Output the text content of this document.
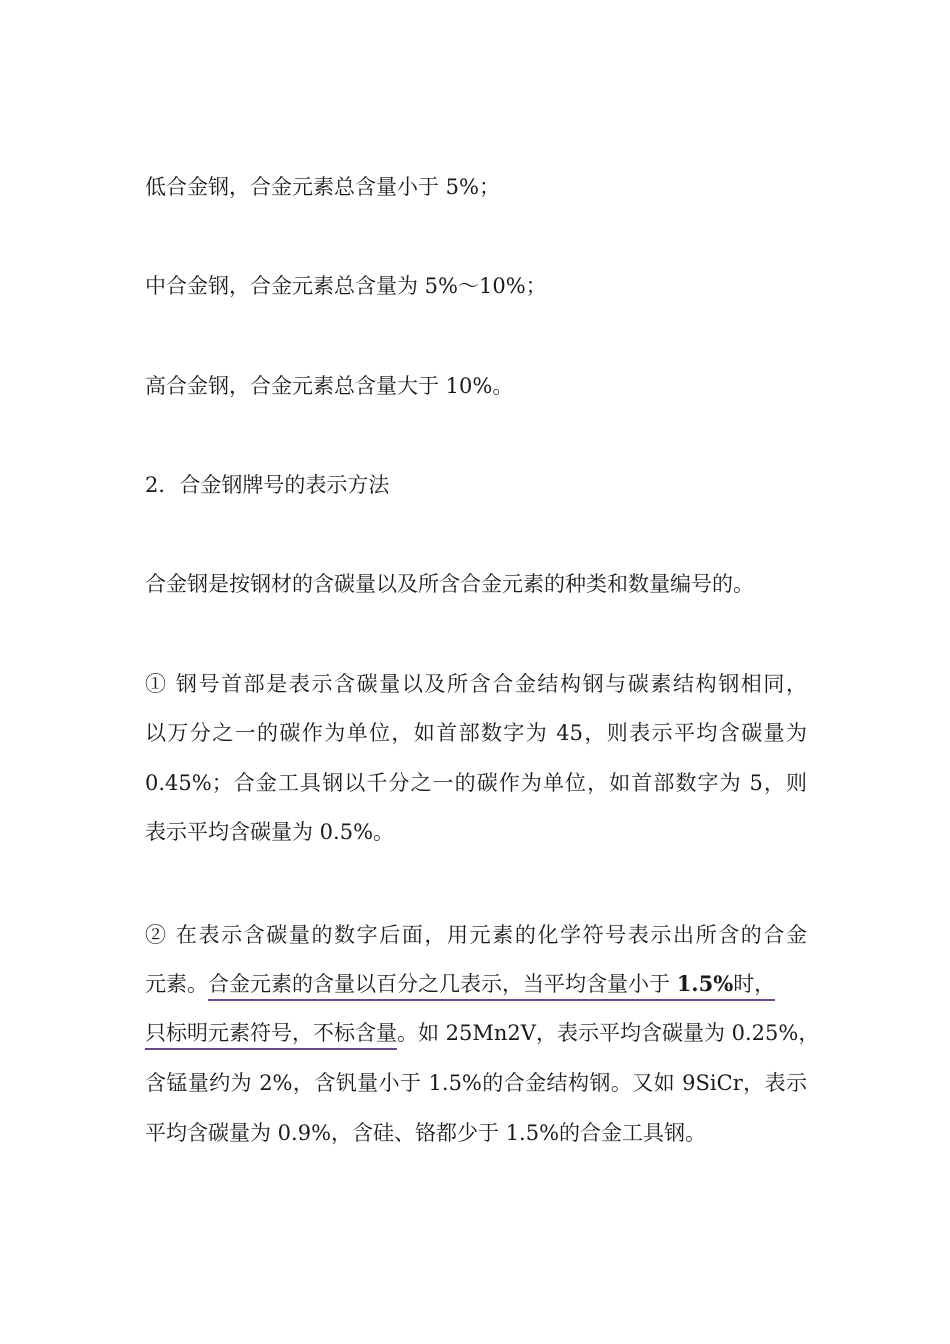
低合金钢，合金元素总含量小于 5%；
中合金钢，合金元素总含量为 5%～10%；
高合金钢，合金元素总含量大于 10%。
2．合金钢牌号的表示方法
合金钢是按钢材的含碳量以及所含合金元素的种类和数量编号的。
① 钢号首部是表示含碳量以及所含合金结构钢与碳素结构钢相同，
以万分之一的碳作为单位，如首部数字为 45，则表示平均含碳量为
0.45%；合金工具钢以千分之一的碳作为单位，如首部数字为 5，则
表示平均含碳量为 0.5%。
② 在表示含碳量的数字后面，用元素的化学符号表示出所含的合金
元素。合金元素的含量以百分之几表示，当平均含量小于 1.5%时，
只标明元素符号，不标含量。如 25Mn2V，表示平均含碳量为 0.25%，
含锰量约为 2%，含钒量小于 1.5%的合金结构钢。又如 9SiCr，表示
平均含碳量为 0.9%，含硅、铬都少于 1.5%的合金工具钢。
